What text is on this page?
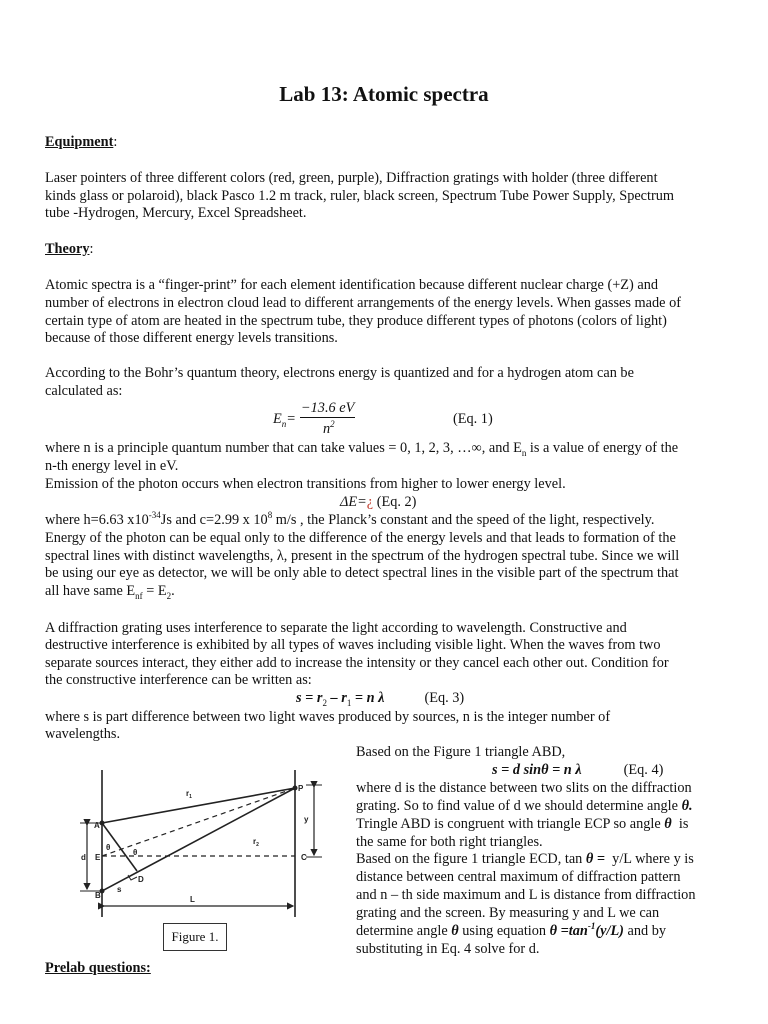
Lab 13: Atomic spectra
Equipment:
Laser pointers of three different colors (red, green, purple), Diffraction gratings with holder (three different
kinds glass or polaroid), black Pasco 1.2 m track, ruler, black screen, Spectrum Tube Power Supply, Spectrum
tube -Hydrogen, Mercury, Excel Spreadsheet.
Theory:
Atomic spectra is a “finger-print” for each element identification because different nuclear charge (+Z) and
number of electrons in electron cloud lead to different arrangements of the energy levels. When gasses made of
certain type of atom are heated in the spectrum tube, they produce different types of photons (colors of light)
because of those different energy levels transitions.
According to the Bohr’s quantum theory, electrons energy is quantized and for a hydrogen atom can be
calculated as:
$E_n=$
−13.6 eV
$n^2$	(Eq. 1)
where n is a principle quantum number that can take values = 0, 1, 2, 3, …∞, and $E_n$ is a value of energy of the
n-th energy level in eV.
Emission of the photon occurs when electron transitions from higher to lower energy level.
ΔE=¿ (Eq. 2)
where h=6.63 $x10^{-34}Js$ and c=2.99 x $10^8$ m/s , the Planck’s constant and the speed of the light, respectively.
Energy of the photon can be equal only to the difference of the energy levels and that leads to formation of the
spectral lines with distinct wavelengths, λ, present in the spectrum of the hydrogen spectral tube. Since we will
be using our eye as detector, we will be only able to detect spectral lines in the visible part of the spectrum that
all have same $E_{nf} = E_2$.
A diffraction grating uses interference to separate the light according to wavelength. Constructive and
destructive interference is exhibited by all types of waves including visible light. When the waves from two
separate sources interact, they either add to increase the intensity or they cancel each other out. Condition for
the constructive interference can be written as:
$s = r_2 - r_1 = n$ λ	(Eq. 3)
where s is part difference between two light waves produced by sources, n is the integer number of
wavelengths.
Based on the Figure 1 triangle ABD,
s = d sinθ = n λ	(Eq. 4)
where d is the distance between two slits on the diffraction
grating. So to find value of d we should determine angle θ.
Tringle ABD is congruent with triangle ECP so angle θ  is
the same for both right triangles.
Based on the figure 1 triangle ECD, tan θ =  y/L where y is
distance between central maximum of diffraction pattern
and n – th side maximum and L is distance from diffraction
grating and the screen. By measuring y and L we can
determine angle θ using equation $\theta =\tan^{-1}(y/L)$ and by
substituting in Eq. 4 solve for d.
A
B
E	C
P
D
L
y
d
s
$r_1$
$r_2$
θ
θ
Figure 1.
Prelab questions:
